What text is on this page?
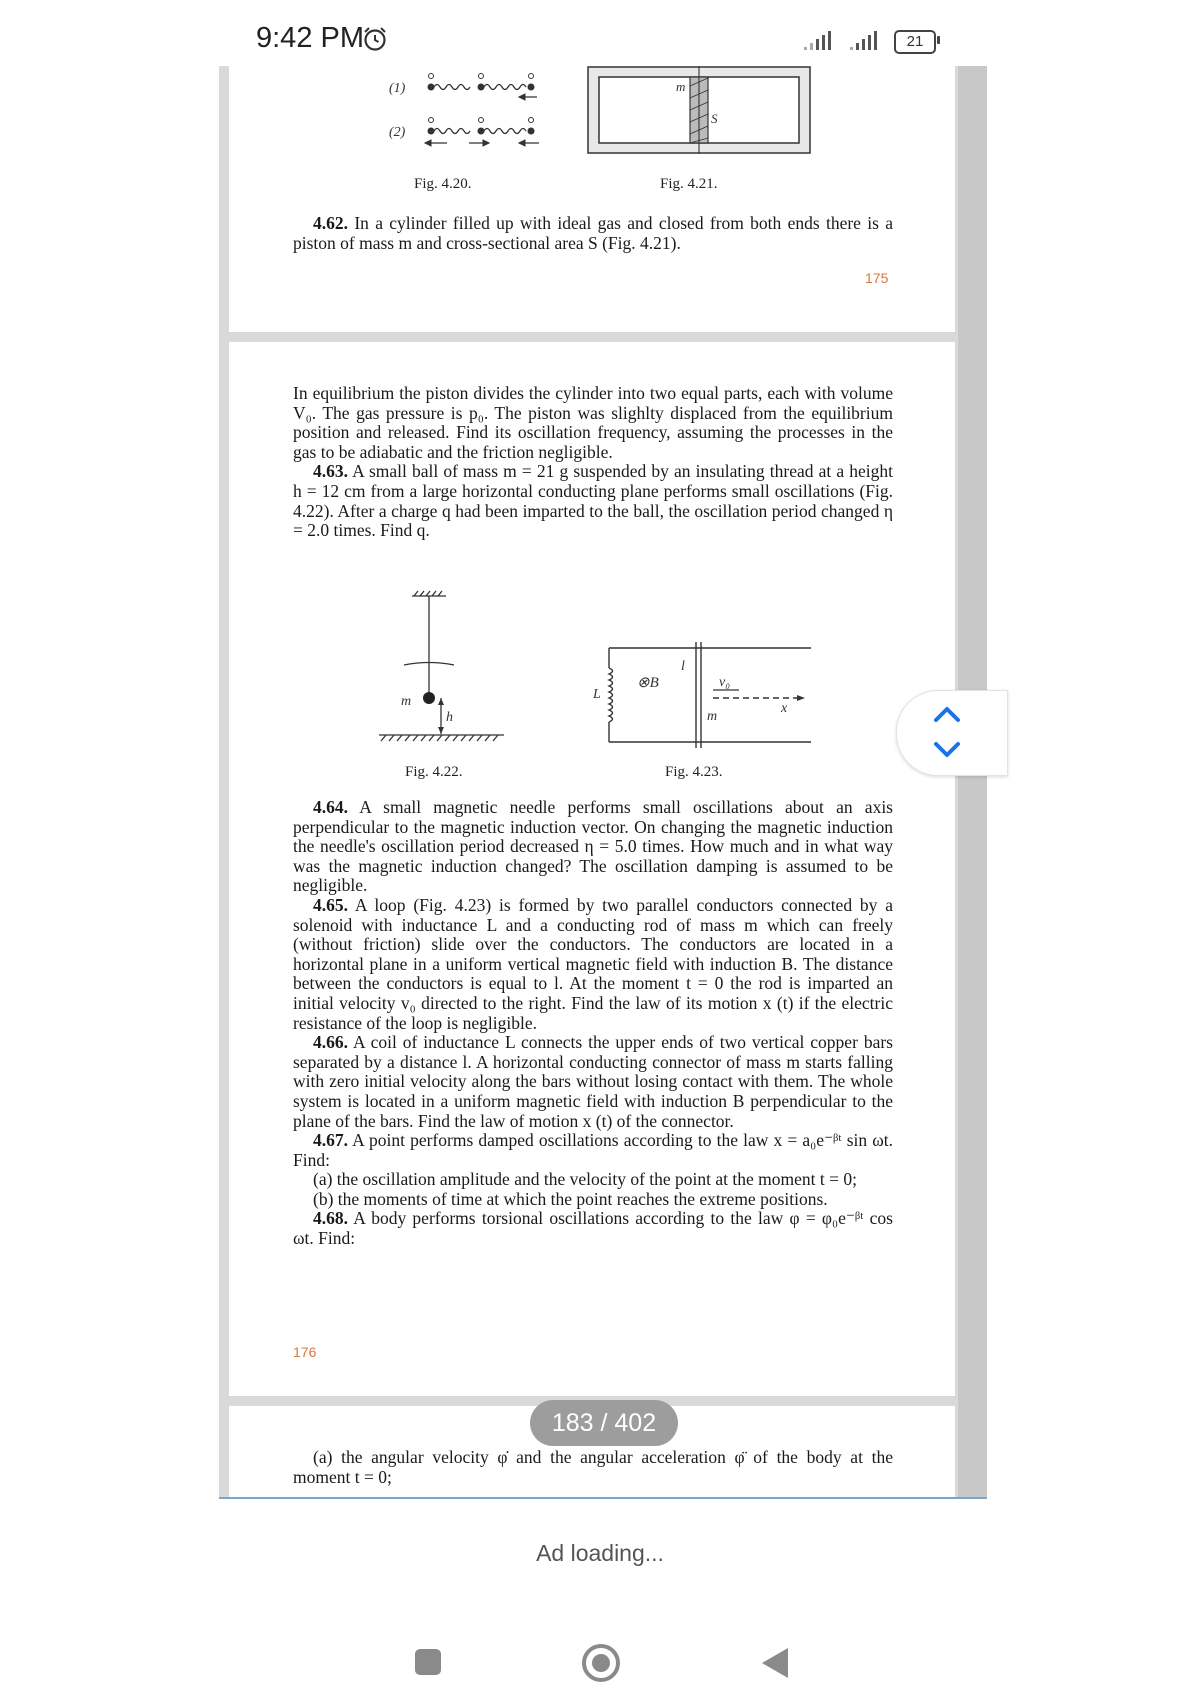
9:42 PM	21
(1)
(2)
m
S
Fig. 4.20.	Fig. 4.21.

4.62. In a cylinder filled up with ideal gas and closed from both ends there is a piston of mass m and cross-sectional area S (Fig. 4.21).

175

In equilibrium the piston divides the cylinder into two equal parts, each with volume V₀. The gas pressure is p₀. The piston was slighlty displaced from the equilibrium position and released. Find its oscillation frequency, assuming the processes in the gas to be adiabatic and the friction negligible.

4.63. A small ball of mass m = 21 g suspended by an insulating thread at a height h = 12 cm from a large horizontal conducting plane performs small oscillations (Fig. 4.22). After a charge q had been imparted to the ball, the oscillation period changed η = 2.0 times. Find q.

m
h
L
⊗B
l
v₀
x
m
Fig. 4.22.	Fig. 4.23.

4.64. A small magnetic needle performs small oscillations about an axis perpendicular to the magnetic induction vector. On changing the magnetic induction the needle's oscillation period decreased η = 5.0 times. How much and in what way was the magnetic induction changed? The oscillation damping is assumed to be negligible.

4.65. A loop (Fig. 4.23) is formed by two parallel conductors connected by a solenoid with inductance L and a conducting rod of mass m which can freely (without friction) slide over the conductors. The conductors are located in a horizontal plane in a uniform vertical magnetic field with induction B. The distance between the conductors is equal to l. At the moment t = 0 the rod is imparted an initial velocity v₀ directed to the right. Find the law of its motion x (t) if the electric resistance of the loop is negligible.

4.66. A coil of inductance L connects the upper ends of two vertical copper bars separated by a distance l. A horizontal conducting connector of mass m starts falling with zero initial velocity along the bars without losing contact with them. The whole system is located in a uniform magnetic field with induction B perpendicular to the plane of the bars. Find the law of motion x (t) of the connector.

4.67. A point performs damped oscillations according to the law x = a₀e⁻ᵝᵗ sin ωt. Find:

(a) the oscillation amplitude and the velocity of the point at the moment t = 0;

(b) the moments of time at which the point reaches the extreme positions.

4.68. A body performs torsional oscillations according to the law φ = φ₀e⁻ᵝᵗ cos ωt. Find:

176

(a) the angular velocity φ̇ and the angular acceleration φ̈ of the body at the moment t = 0;

183 / 402
Ad loading...
